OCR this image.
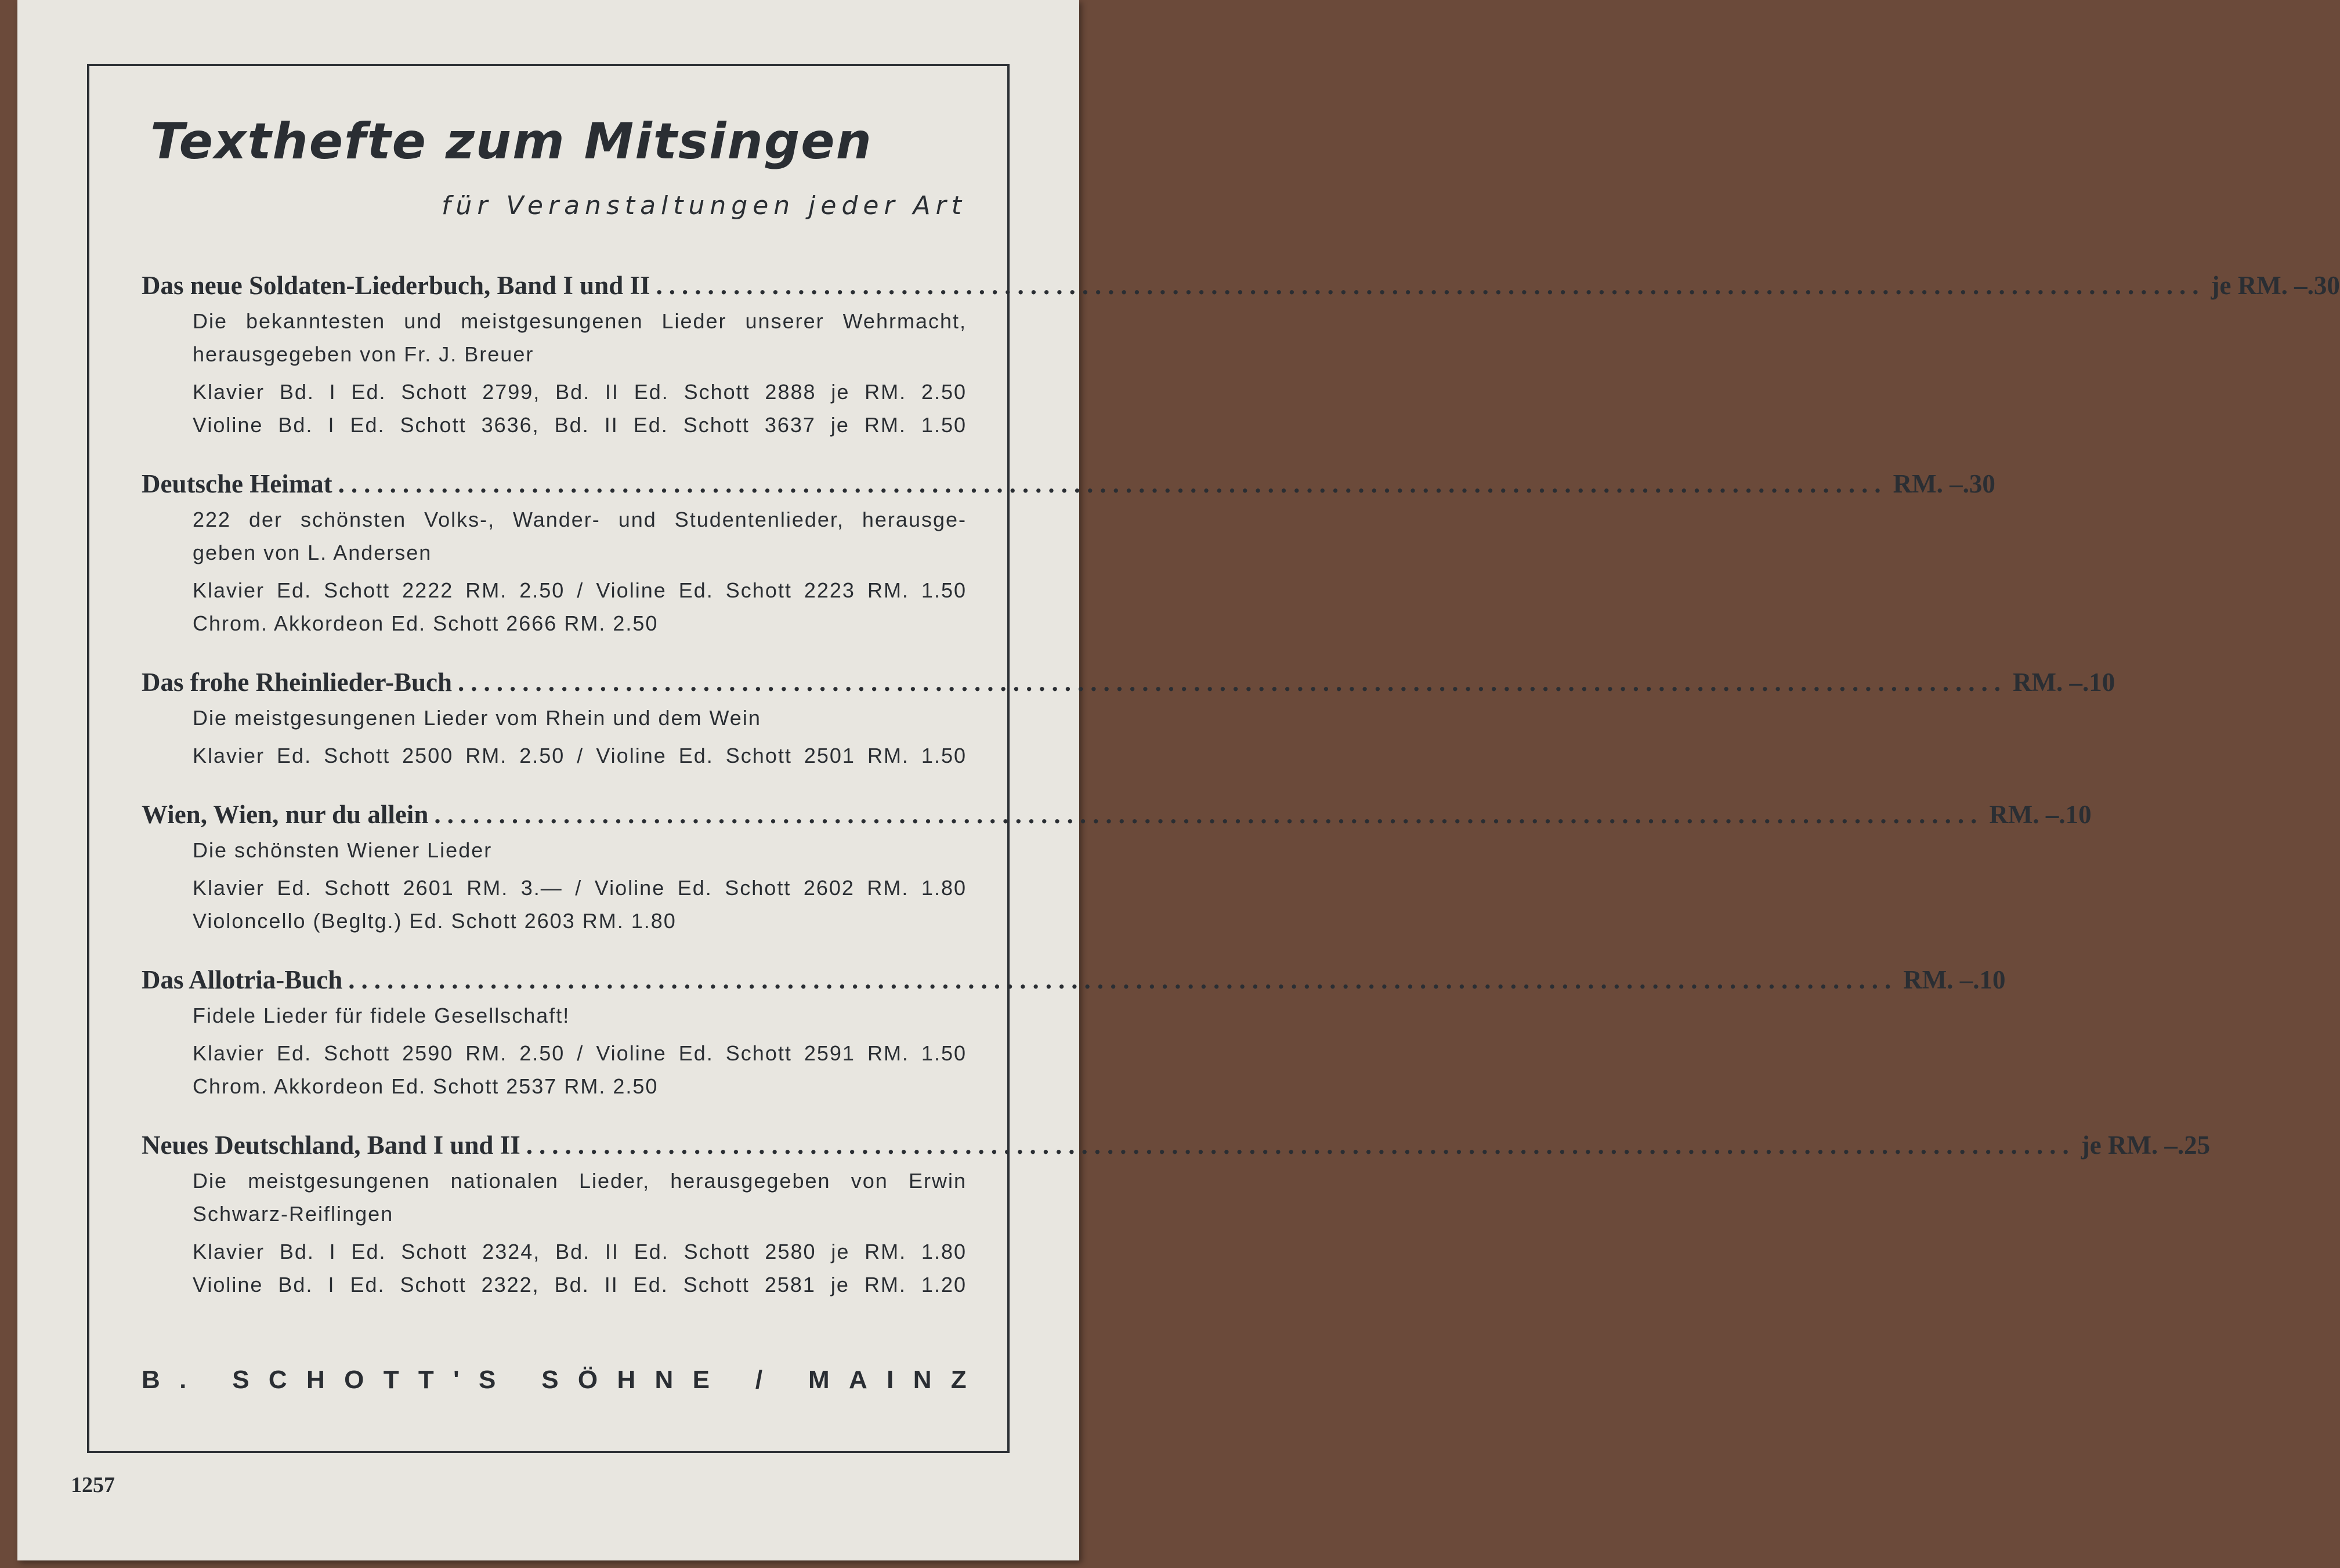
Texthefte zum Mitsingen
für Veranstaltungen jeder Art
Das neue Soldaten-Liederbuch, Band I und II ........................................................................................................................ je RM. –.30
Die bekanntesten und meistgesungenen Lieder unserer Wehrmacht,
herausgegeben von Fr. J. Breuer
Klavier Bd. I Ed. Schott 2799, Bd. II Ed. Schott 2888 je RM. 2.50
Violine Bd. I Ed. Schott 3636, Bd. II Ed. Schott 3637 je RM. 1.50
Deutsche Heimat ........................................................................................................................ RM. –.30
222 der schönsten Volks-, Wander- und Studentenlieder, herausge-
geben von L. Andersen
Klavier Ed. Schott 2222 RM. 2.50 / Violine Ed. Schott 2223 RM. 1.50
Chrom. Akkordeon Ed. Schott 2666 RM. 2.50
Das frohe Rheinlieder-Buch ........................................................................................................................ RM. –.10
Die meistgesungenen Lieder vom Rhein und dem Wein
Klavier Ed. Schott 2500 RM. 2.50 / Violine Ed. Schott 2501 RM. 1.50
Wien, Wien, nur du allein ........................................................................................................................ RM. –.10
Die schönsten Wiener Lieder
Klavier Ed. Schott 2601 RM. 3.— / Violine Ed. Schott 2602 RM. 1.80
Violoncello (Begltg.) Ed. Schott 2603 RM. 1.80
Das Allotria-Buch ........................................................................................................................ RM. –.10
Fidele Lieder für fidele Gesellschaft!
Klavier Ed. Schott 2590 RM. 2.50 / Violine Ed. Schott 2591 RM. 1.50
Chrom. Akkordeon Ed. Schott 2537 RM. 2.50
Neues Deutschland, Band I und II ........................................................................................................................ je RM. –.25
Die meistgesungenen nationalen Lieder, herausgegeben von Erwin
Schwarz-Reiflingen
Klavier Bd. I Ed. Schott 2324, Bd. II Ed. Schott 2580 je RM. 1.80
Violine Bd. I Ed. Schott 2322, Bd. II Ed. Schott 2581 je RM. 1.20
B .
S C H O T T ' S
S Ö H N E
/
M A I N Z
1257
